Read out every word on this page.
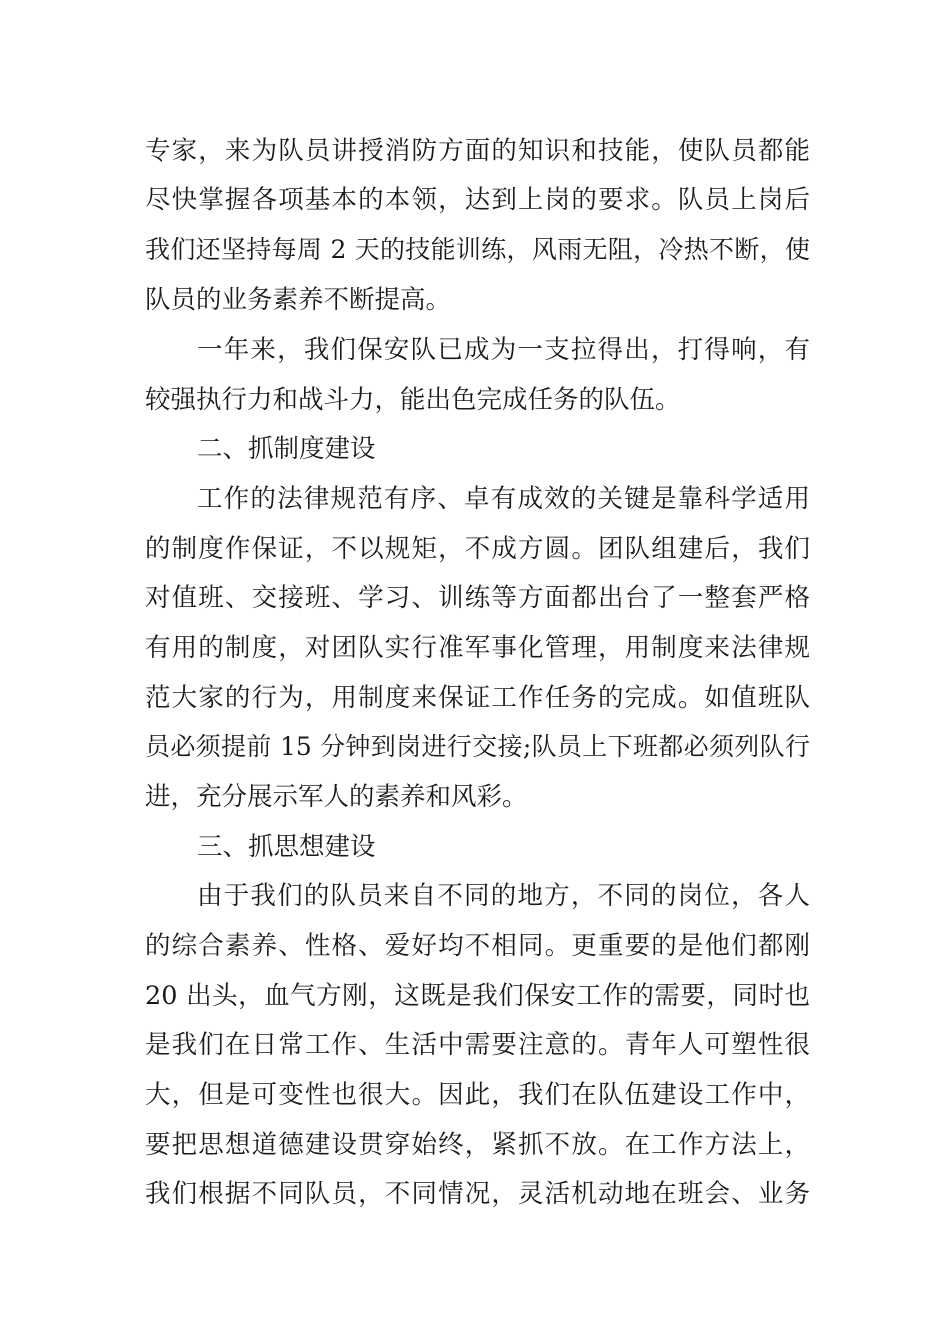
专家，来为队员讲授消防方面的知识和技能，使队员都能
尽快掌握各项基本的本领，达到上岗的要求。队员上岗后
我们还坚持每周 2 天的技能训练，风雨无阻，冷热不断，使
队员的业务素养不断提高。
一年来，我们保安队已成为一支拉得出，打得响，有
较强执行力和战斗力，能出色完成任务的队伍。
二、抓制度建设
工作的法律规范有序、卓有成效的关键是靠科学适用
的制度作保证，不以规矩，不成方圆。团队组建后，我们
对值班、交接班、学习、训练等方面都出台了一整套严格
有用的制度，对团队实行准军事化管理，用制度来法律规
范大家的行为，用制度来保证工作任务的完成。如值班队
员必须提前 15 分钟到岗进行交接;队员上下班都必须列队行
进，充分展示军人的素养和风彩。
三、抓思想建设
由于我们的队员来自不同的地方，不同的岗位，各人
的综合素养、性格、爱好均不相同。更重要的是他们都刚
20 出头，血气方刚，这既是我们保安工作的需要，同时也
是我们在日常工作、生活中需要注意的。青年人可塑性很
大，但是可变性也很大。因此，我们在队伍建设工作中，
要把思想道德建设贯穿始终，紧抓不放。在工作方法上，
我们根据不同队员，不同情况，灵活机动地在班会、业务
